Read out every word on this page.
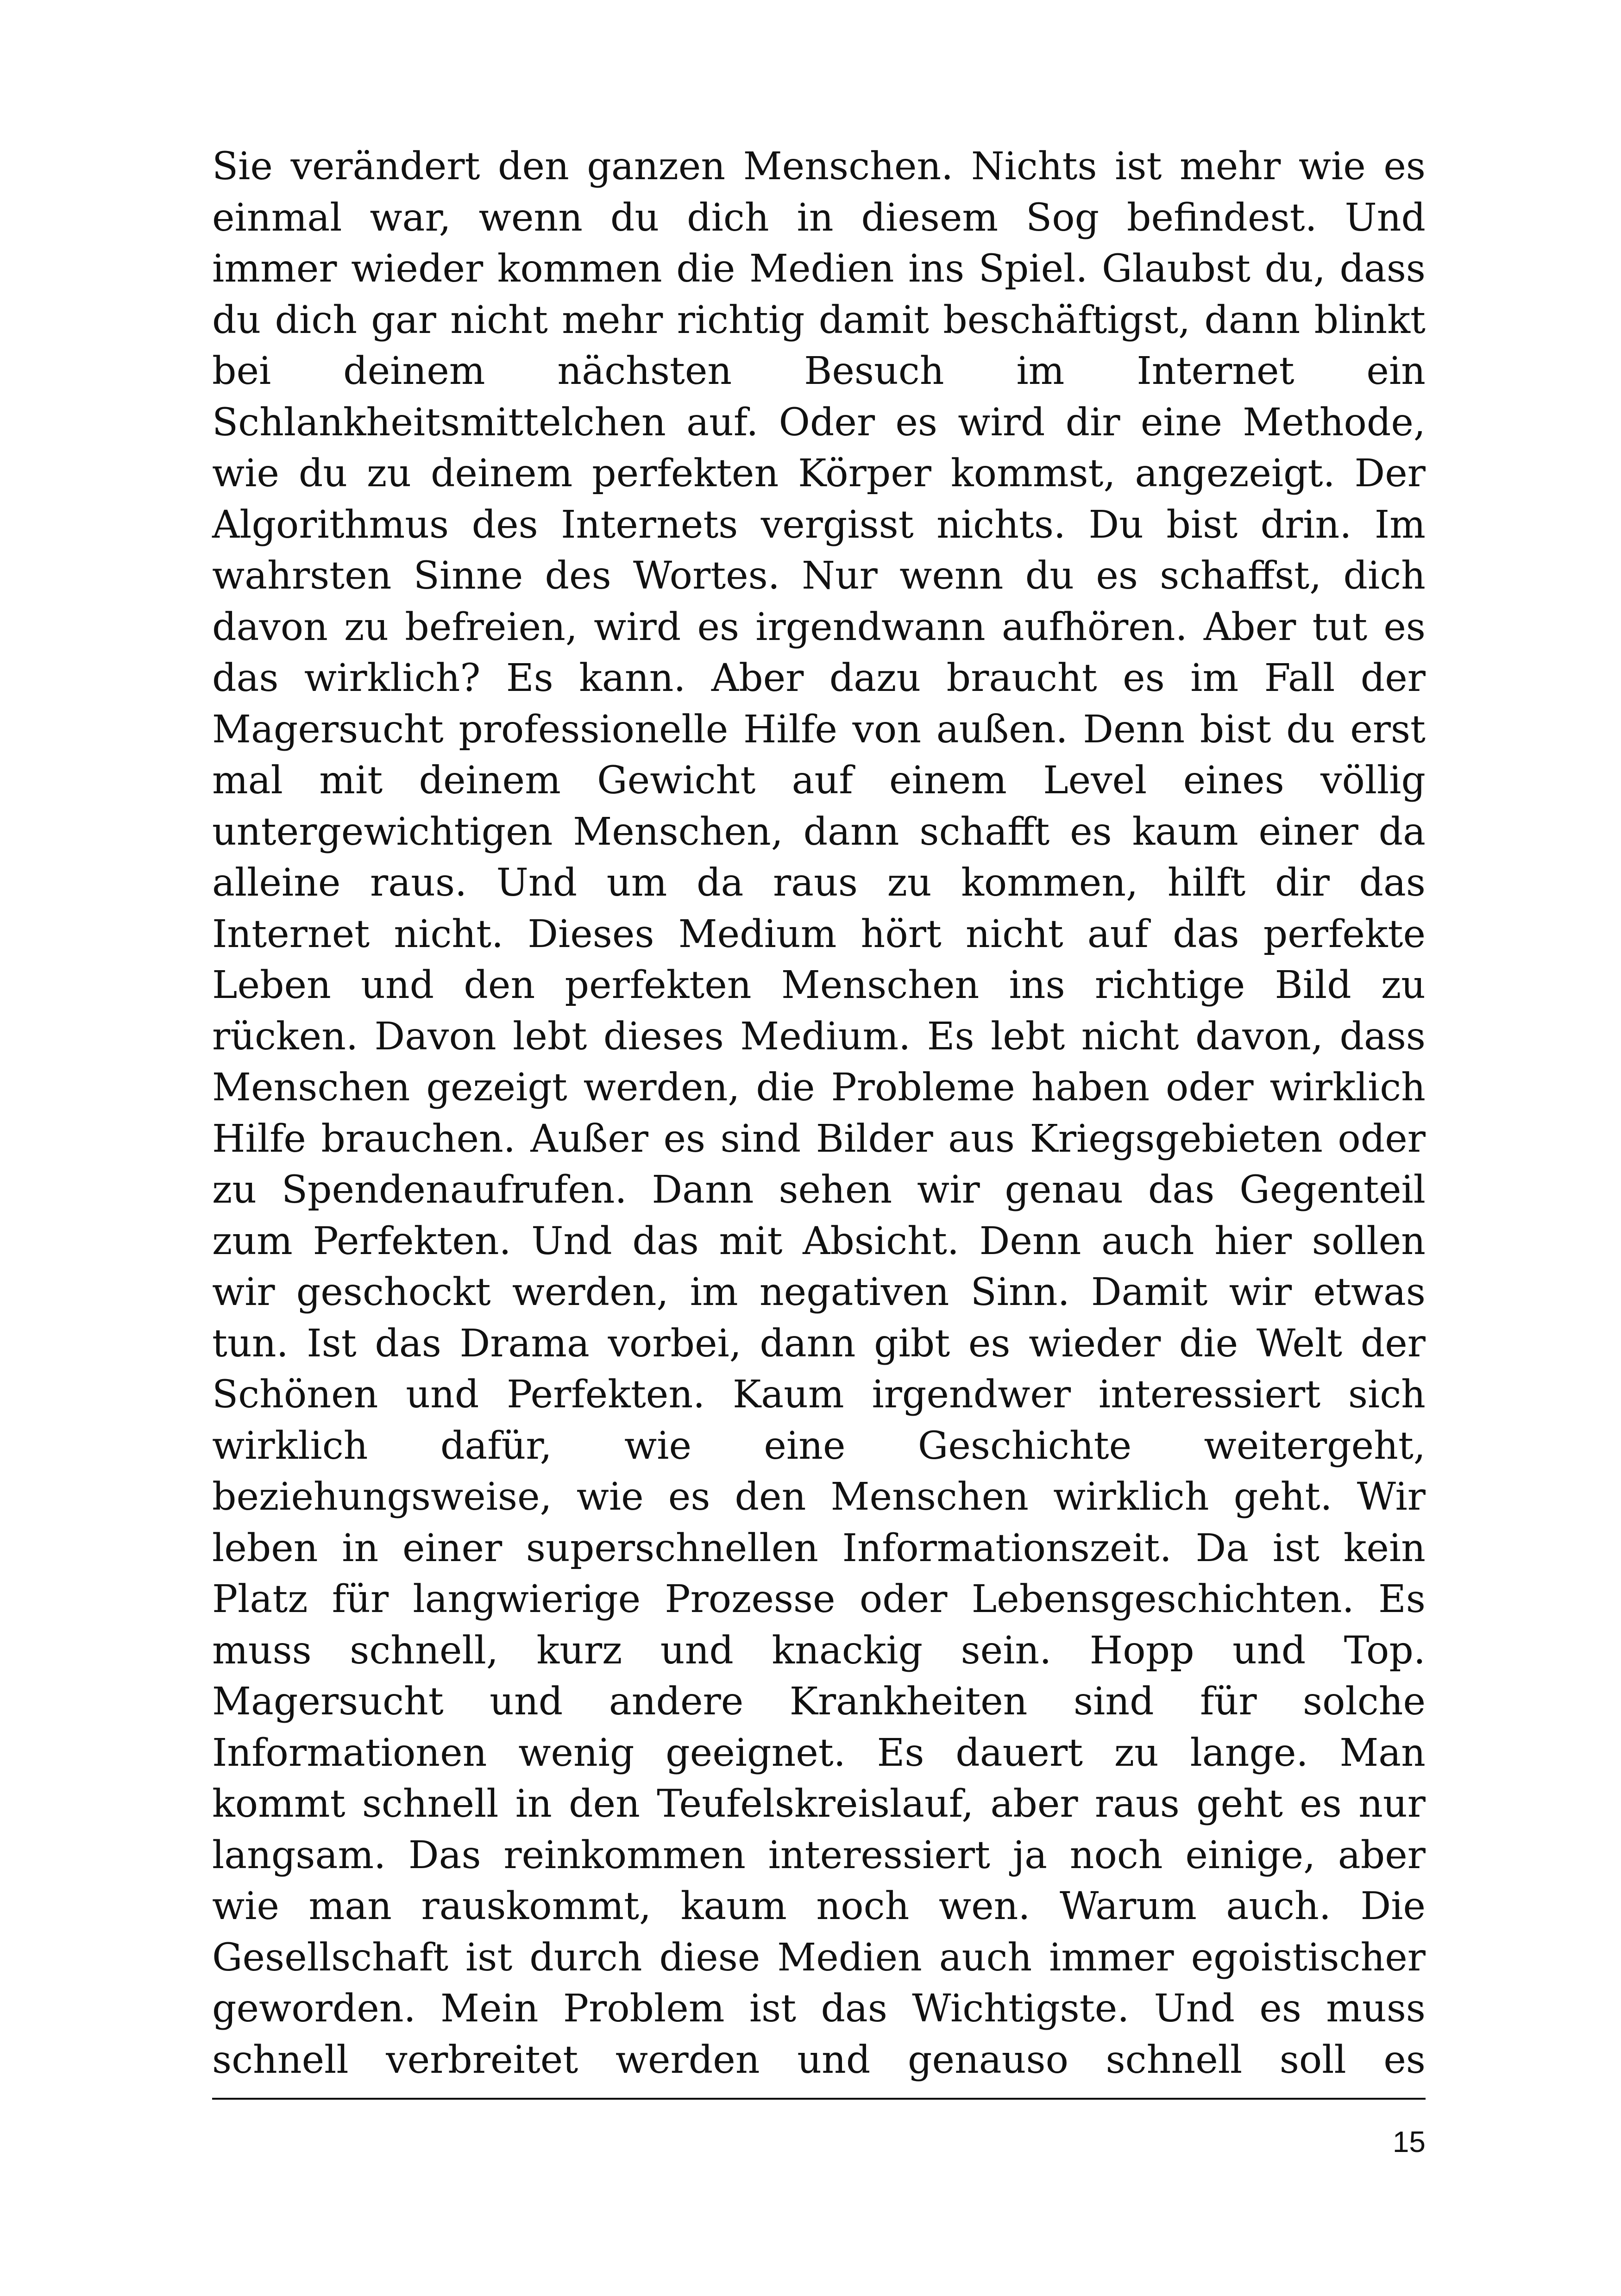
Sie verändert den ganzen Menschen. Nichts ist mehr wie es
einmal war, wenn du dich in diesem Sog befindest. Und
immer wieder kommen die Medien ins Spiel. Glaubst du, dass
du dich gar nicht mehr richtig damit beschäftigst, dann blinkt
bei deinem nächsten Besuch im Internet ein
Schlankheitsmittelchen auf. Oder es wird dir eine Methode,
wie du zu deinem perfekten Körper kommst, angezeigt. Der
Algorithmus des Internets vergisst nichts. Du bist drin. Im
wahrsten Sinne des Wortes. Nur wenn du es schaffst, dich
davon zu befreien, wird es irgendwann aufhören. Aber tut es
das wirklich? Es kann. Aber dazu braucht es im Fall der
Magersucht professionelle Hilfe von außen. Denn bist du erst
mal mit deinem Gewicht auf einem Level eines völlig
untergewichtigen Menschen, dann schafft es kaum einer da
alleine raus. Und um da raus zu kommen, hilft dir das
Internet nicht. Dieses Medium hört nicht auf das perfekte
Leben und den perfekten Menschen ins richtige Bild zu
rücken. Davon lebt dieses Medium. Es lebt nicht davon, dass
Menschen gezeigt werden, die Probleme haben oder wirklich
Hilfe brauchen. Außer es sind Bilder aus Kriegsgebieten oder
zu Spendenaufrufen. Dann sehen wir genau das Gegenteil
zum Perfekten. Und das mit Absicht. Denn auch hier sollen
wir geschockt werden, im negativen Sinn. Damit wir etwas
tun. Ist das Drama vorbei, dann gibt es wieder die Welt der
Schönen und Perfekten. Kaum irgendwer interessiert sich
wirklich dafür, wie eine Geschichte weitergeht,
beziehungsweise, wie es den Menschen wirklich geht. Wir
leben in einer superschnellen Informationszeit. Da ist kein
Platz für langwierige Prozesse oder Lebensgeschichten. Es
muss schnell, kurz und knackig sein. Hopp und Top.
Magersucht und andere Krankheiten sind für solche
Informationen wenig geeignet. Es dauert zu lange. Man
kommt schnell in den Teufelskreislauf, aber raus geht es nur
langsam. Das reinkommen interessiert ja noch einige, aber
wie man rauskommt, kaum noch wen. Warum auch. Die
Gesellschaft ist durch diese Medien auch immer egoistischer
geworden. Mein Problem ist das Wichtigste. Und es muss
schnell verbreitet werden und genauso schnell soll es
15
